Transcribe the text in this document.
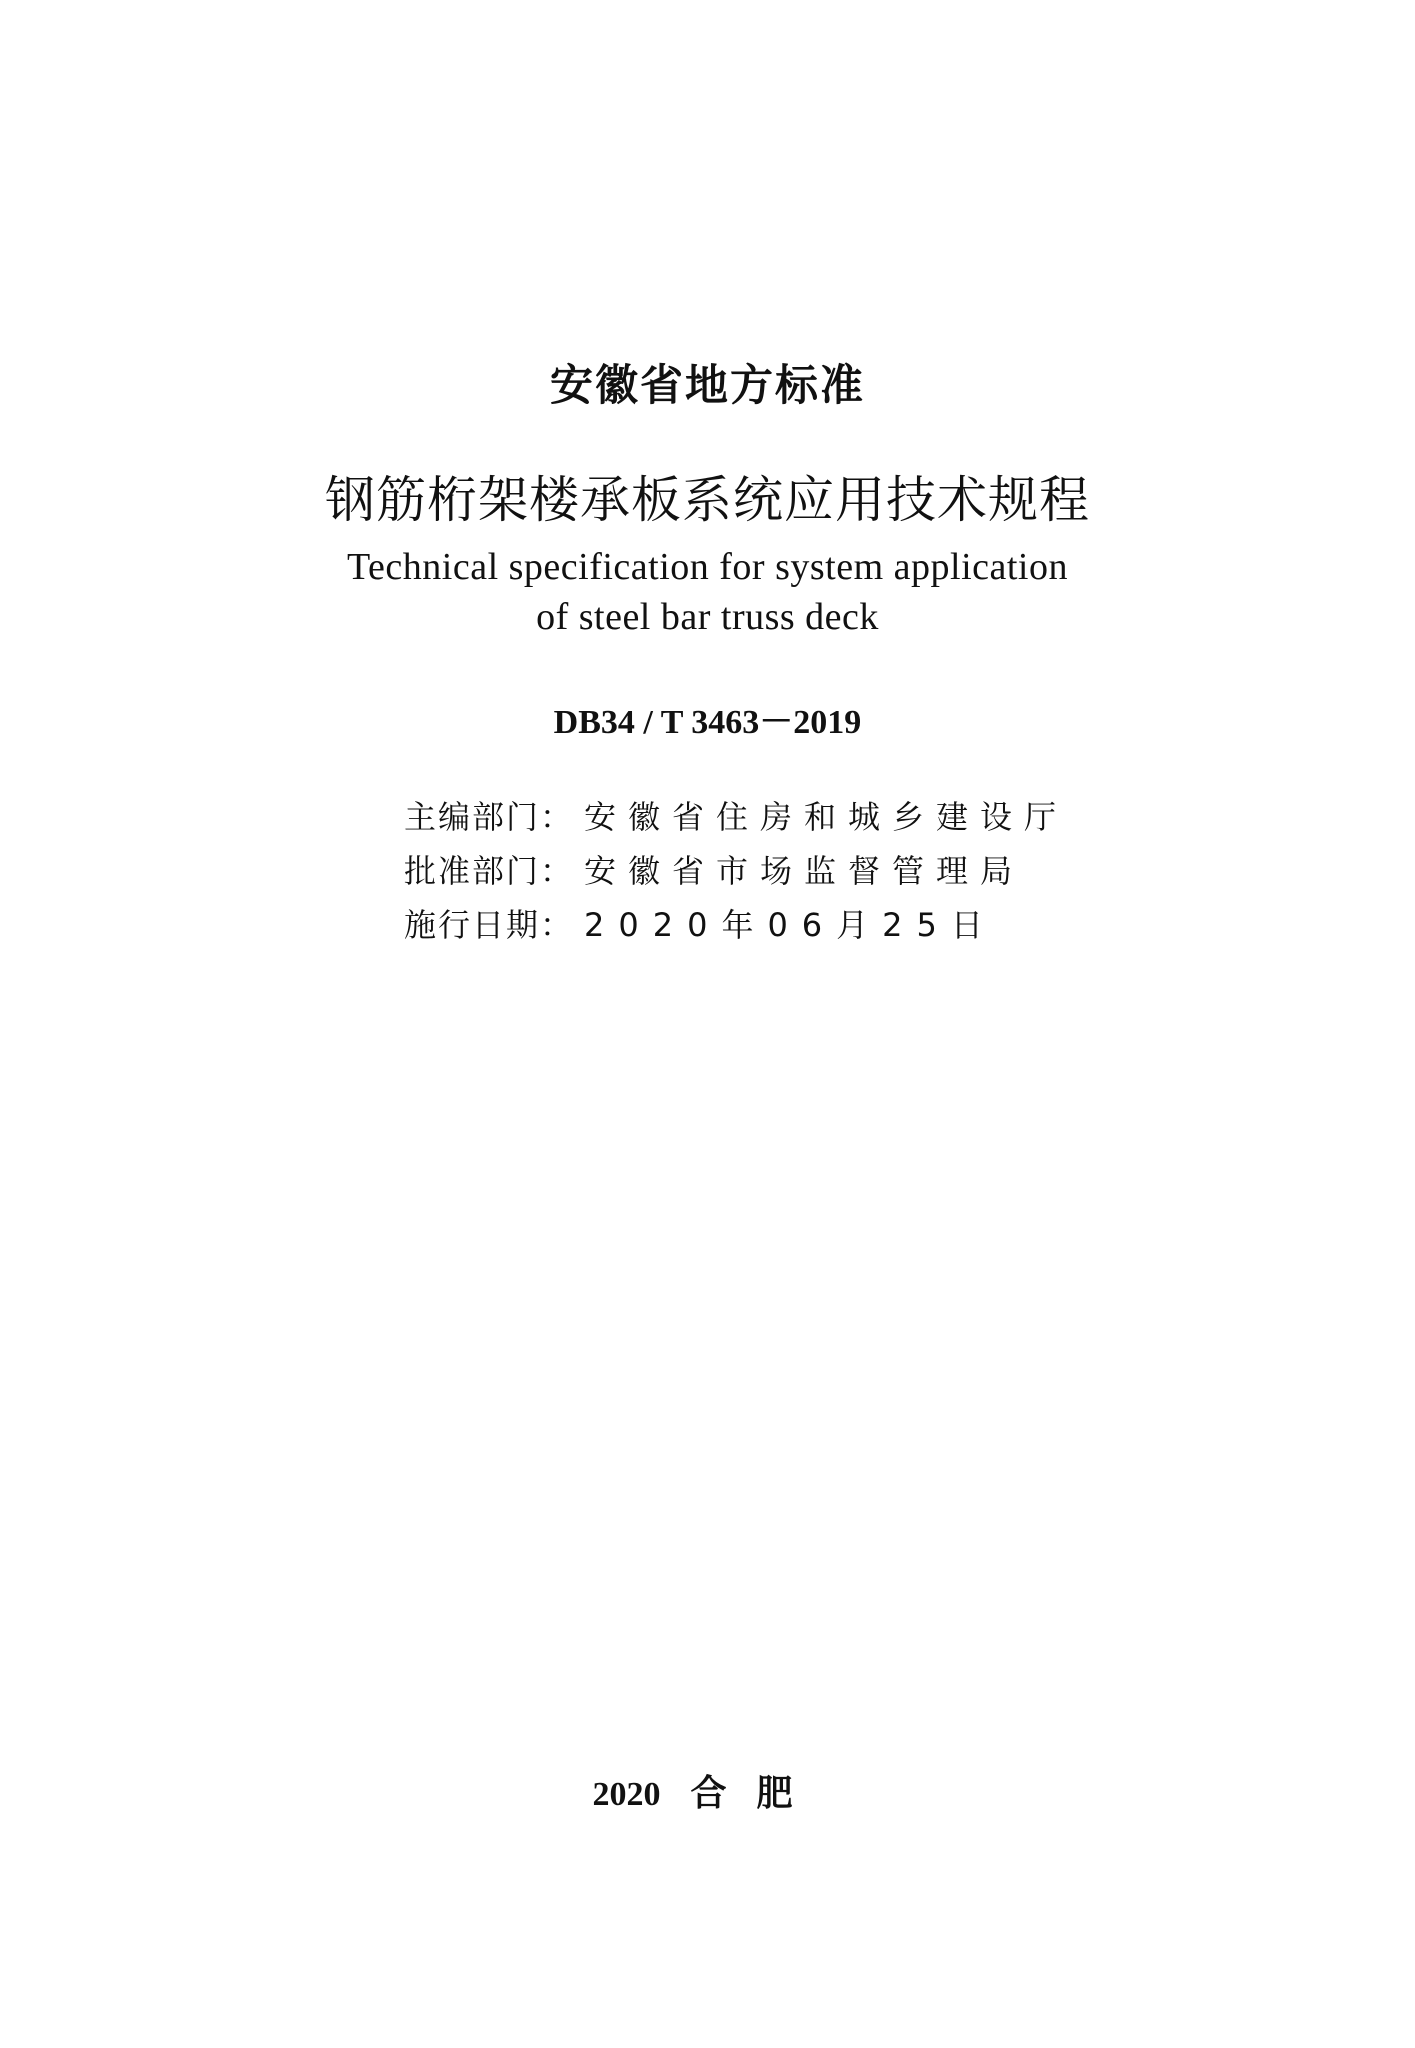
安徽省地方标准
钢筋桁架楼承板系统应用技术规程
Technical specification for system application
of steel bar truss deck
DB34 / T 3463－2019
主编部门： 安徽省住房和城乡建设厅
批准部门： 安徽省市场监督管理局
施行日期： 2020年06月25日
2020 合肥
